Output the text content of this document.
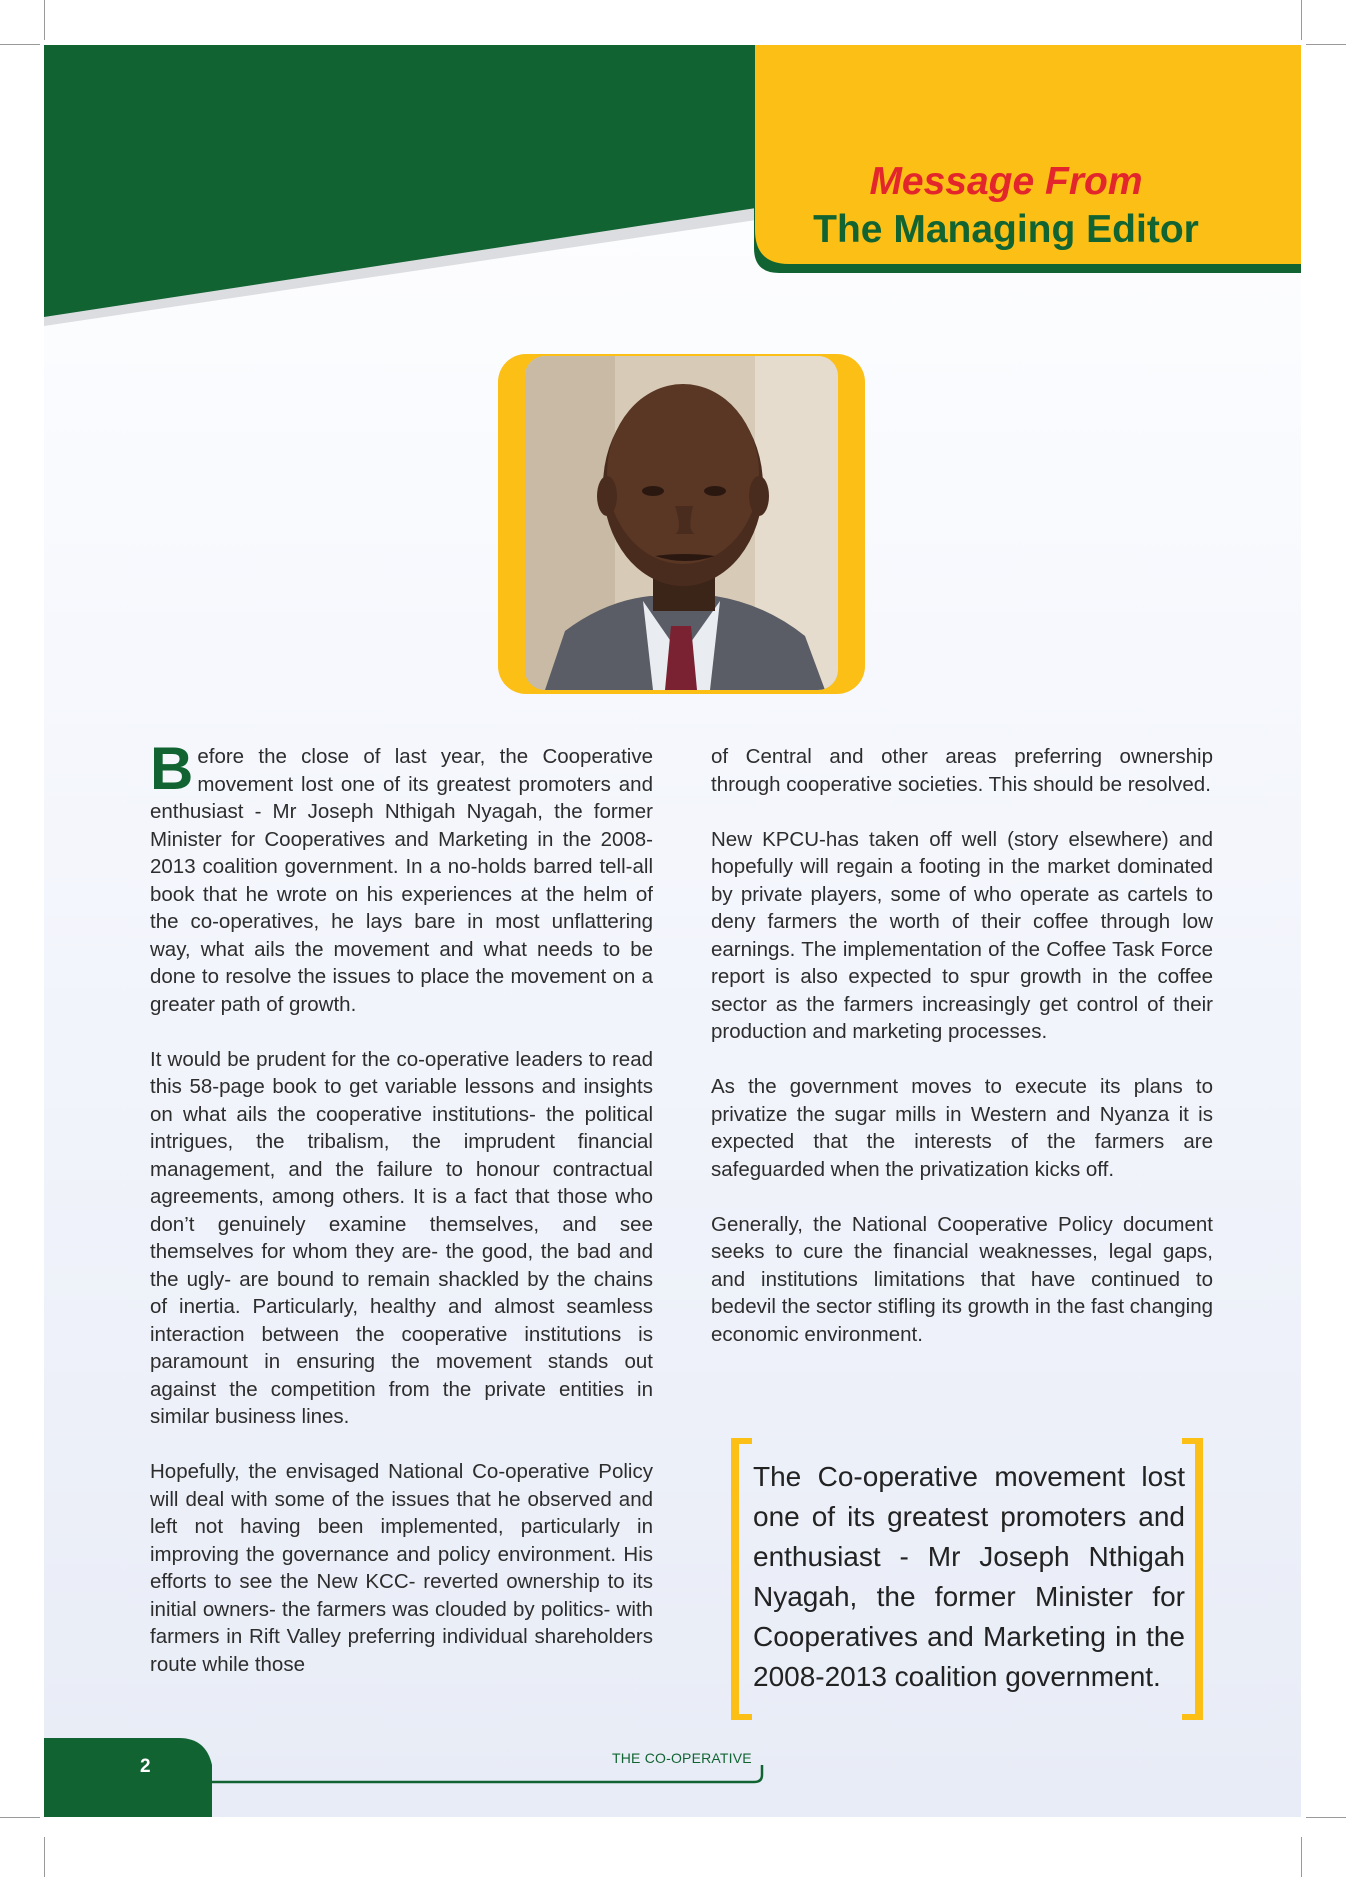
Message From
The Managing Editor

Before the close of last year, the Cooperative movement lost one of its greatest promoters and enthusiast - Mr Joseph Nthigah Nyagah, the former Minister for Cooperatives and Marketing in the 2008-2013 coalition government. In a no-holds barred tell-all book that he wrote on his experiences at the helm of the co-operatives, he lays bare in most unflattering way, what ails the movement and what needs to be done to resolve the issues to place the movement on a greater path of growth.

It would be prudent for the co-operative leaders to read this 58-page book to get variable lessons and insights on what ails the cooperative institutions- the political intrigues, the tribalism, the imprudent financial management, and the failure to honour contractual agreements, among others. It is a fact that those who don’t genuinely examine themselves, and see themselves for whom they are- the good, the bad and the ugly- are bound to remain shackled by the chains of inertia. Particularly, healthy and almost seamless interaction between the cooperative institutions is paramount in ensuring the movement stands out against the competition from the private entities in similar business lines.

Hopefully, the envisaged National Co-operative Policy will deal with some of the issues that he observed and left not having been implemented, particularly in improving the governance and policy environment. His efforts to see the New KCC- reverted ownership to its initial owners- the farmers was clouded by politics- with farmers in Rift Valley preferring individual shareholders route while those

of Central and other areas preferring ownership through cooperative societies. This should be resolved.

New KPCU-has taken off well (story elsewhere) and hopefully will regain a footing in the market dominated by private players, some of who operate as cartels to deny farmers the worth of their coffee through low earnings. The implementation of the Coffee Task Force report is also expected to spur growth in the coffee sector as the farmers increasingly get control of their production and marketing processes.

As the government moves to execute its plans to privatize the sugar mills in Western and Nyanza it is expected that the interests of the farmers are safeguarded when the privatization kicks off.

Generally, the National Cooperative Policy document seeks to cure the financial weaknesses, legal gaps, and institutions limitations that have continued to bedevil the sector stifling its growth in the fast changing economic environment.

The Co-operative movement lost one of its greatest promoters and enthusiast - Mr Joseph Nthigah Nyagah, the former Minister for Cooperatives and Marketing in the 2008-2013 coalition government.
2	THE CO-OPERATIVE
